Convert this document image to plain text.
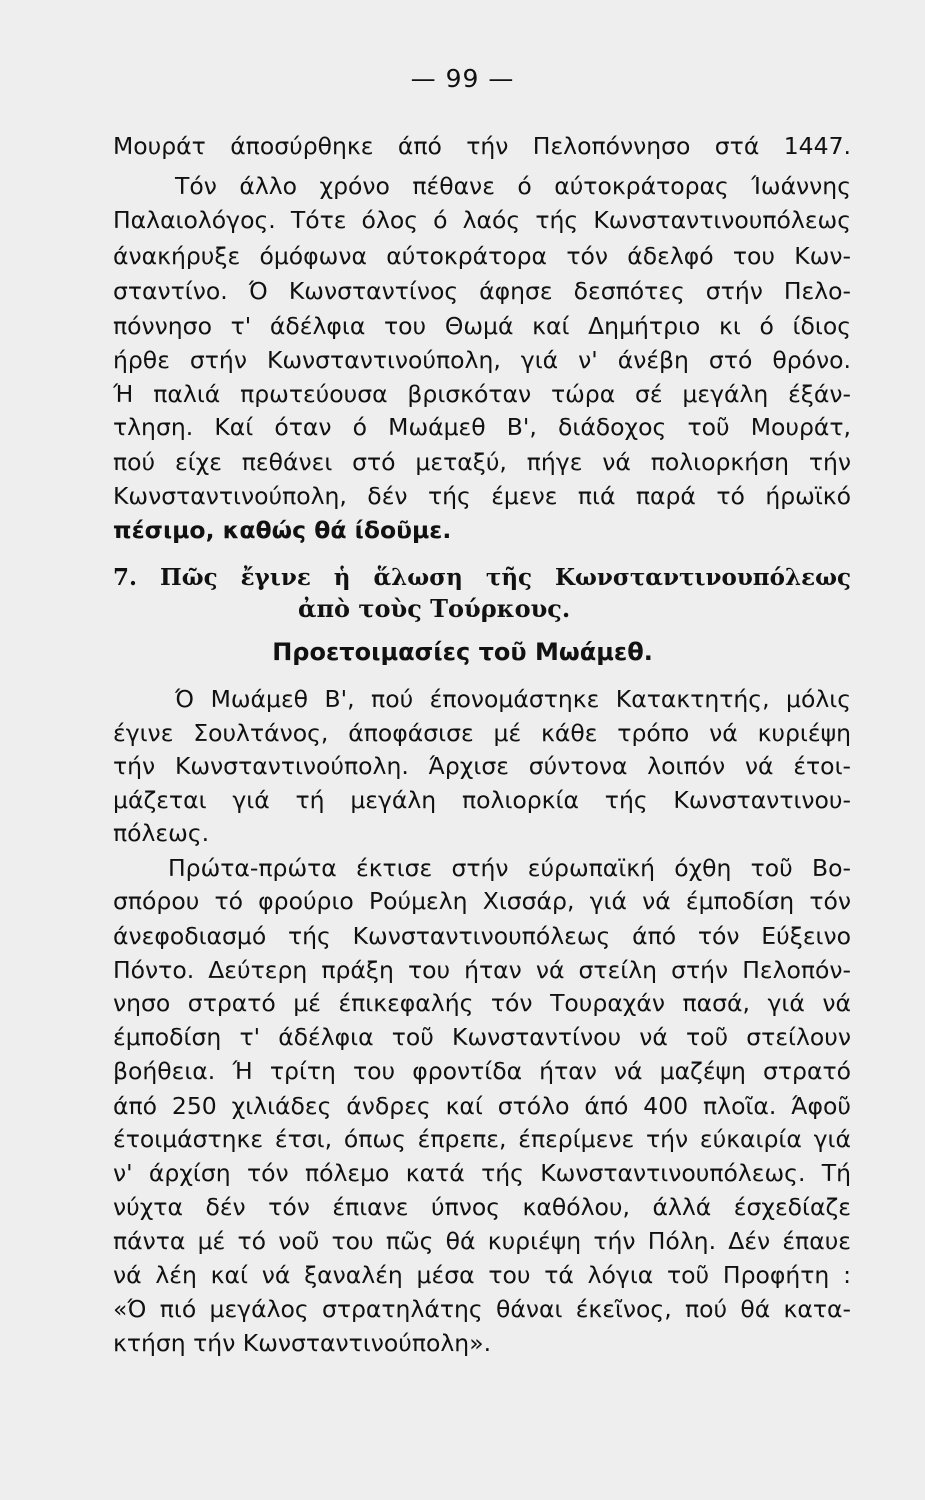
— 99 —
Μουράτ άποσύρθηκε άπό τήν Πελοπόννησο στά 1447.
Τόν άλλο χρόνο πέθανε ό αύτοκράτορας Ίωάννης
Παλαιολόγος. Τότε όλος ό λαός τής Κωνσταντινουπόλεως
άνακήρυξε όμόφωνα αύτοκράτορα τόν άδελφό του Κων-
σταντίνο. Ό Κωνσταντίνος άφησε δεσπότες στήν Πελο-
πόννησο τ' άδέλφια του Θωμά καί Δημήτριο κι ό ίδιος
ήρθε στήν Κωνσταντινούπολη, γιά ν' άνέβη στό θρόνο.
Ή παλιά πρωτεύουσα βρισκόταν τώρα σέ μεγάλη έξάν-
τληση. Καί όταν ό Μωάμεθ Β', διάδοχος τοῦ Μουράτ,
πού είχε πεθάνει στό μεταξύ, πήγε νά πολιορκήση τήν
Κωνσταντινούπολη, δέν τής έμενε πιά παρά τό ήρωϊκό
πέσιμο, καθώς θά ίδοῦμε.
7. Πῶς ἔγινε ἡ ἅλωση τῆς Κωνσταντινουπόλεως
ἀπὸ τοὺς Τούρκους.
Προετοιμασίες τοῦ Μωάμεθ.
Ό Μωάμεθ Β', πού έπονομάστηκε Κατακτητής, μόλις
έγινε Σουλτάνος, άποφάσισε μέ κάθε τρόπο νά κυριέψη
τήν Κωνσταντινούπολη. Άρχισε σύντονα λοιπόν νά έτοι-
μάζεται γιά τή μεγάλη πολιορκία τής Κωνσταντινου-
πόλεως.
Πρώτα-πρώτα έκτισε στήν εύρωπαϊκή όχθη τοῦ Βο-
σπόρου τό φρούριο Ρούμελη Χισσάρ, γιά νά έμποδίση τόν
άνεφοδιασμό τής Κωνσταντινουπόλεως άπό τόν Εύξεινο
Πόντο. Δεύτερη πράξη του ήταν νά στείλη στήν Πελοπόν-
νησο στρατό μέ έπικεφαλής τόν Τουραχάν πασά, γιά νά
έμποδίση τ' άδέλφια τοῦ Κωνσταντίνου νά τοῦ στείλουν
βοήθεια. Ή τρίτη του φροντίδα ήταν νά μαζέψη στρατό
άπό 250 χιλιάδες άνδρες καί στόλο άπό 400 πλοῖα. Άφοῦ
έτοιμάστηκε έτσι, όπως έπρεπε, έπερίμενε τήν εύκαιρία γιά
ν' άρχίση τόν πόλεμο κατά τής Κωνσταντινουπόλεως. Τή
νύχτα δέν τόν έπιανε ύπνος καθόλου, άλλά έσχεδίαζε
πάντα μέ τό νοῦ του πῶς θά κυριέψη τήν Πόλη. Δέν έπαυε
νά λέη καί νά ξαναλέη μέσα του τά λόγια τοῦ Προφήτη :
«Ό πιό μεγάλος στρατηλάτης θάναι έκεῖνος, πού θά κατα-
κτήση τήν Κωνσταντινούπολη».
